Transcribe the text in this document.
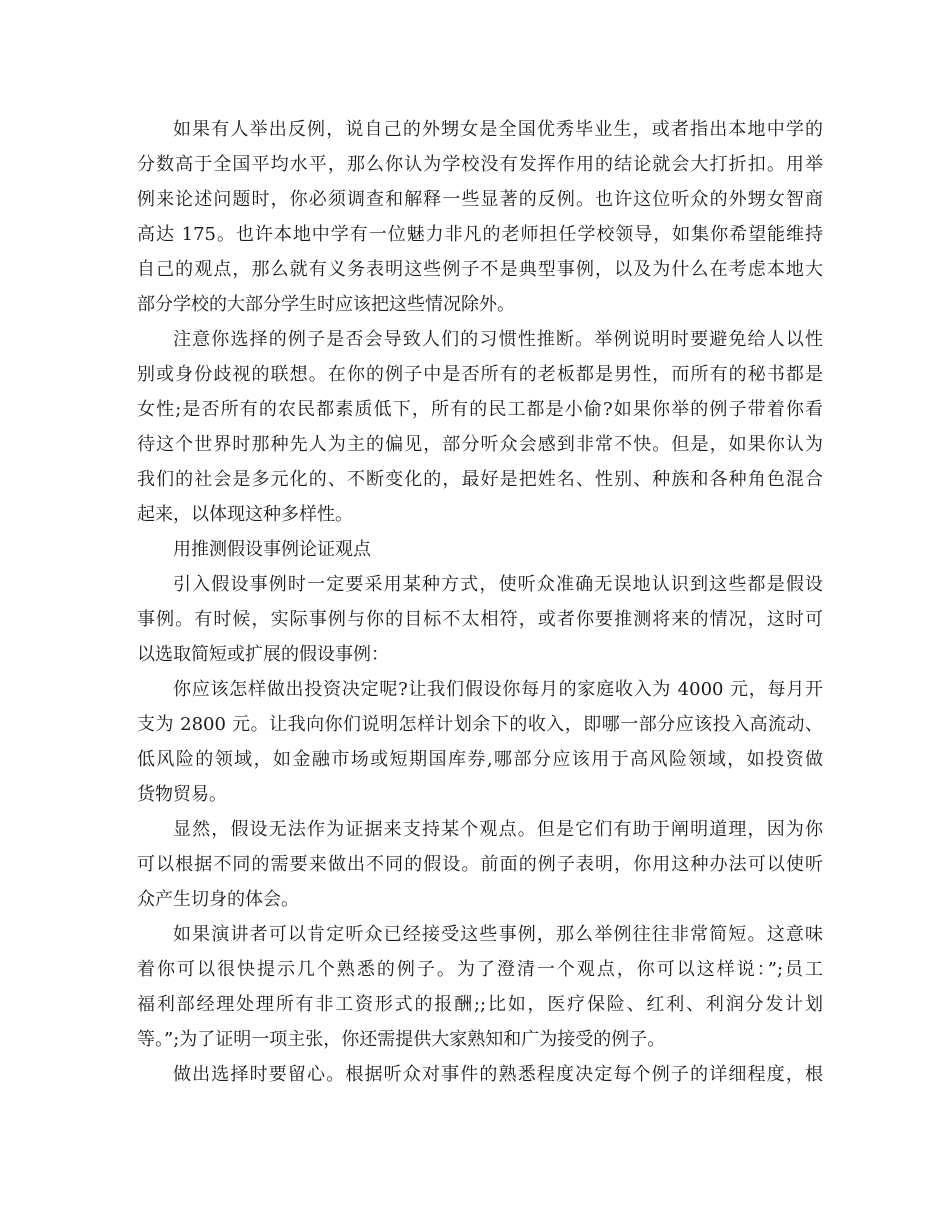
如果有人举出反例，说自己的外甥女是全国优秀毕业生，或者指出本地中学的
分数高于全国平均水平，那么你认为学校没有发挥作用的结论就会大打折扣。用举
例来论述问题时，你必须调查和解释一些显著的反例。也许这位听众的外甥女智商
高达 175。也许本地中学有一位魅力非凡的老师担任学校领导，如集你希望能维持
自己的观点，那么就有义务表明这些例子不是典型事例，以及为什么在考虑本地大
部分学校的大部分学生时应该把这些情况除外。

注意你选择的例子是否会导致人们的习惯性推断。举例说明时要避免给人以性
别或身份歧视的联想。在你的例子中是否所有的老板都是男性，而所有的秘书都是
女性;是否所有的农民都素质低下，所有的民工都是小偷?如果你举的例子带着你看
待这个世界时那种先人为主的偏见，部分听众会感到非常不快。但是，如果你认为
我们的社会是多元化的、不断变化的，最好是把姓名、性别、种族和各种角色混合
起来，以体现这种多样性。

用推测假设事例论证观点

引入假设事例时一定要采用某种方式，使听众准确无误地认识到这些都是假设
事例。有时候，实际事例与你的目标不太相符，或者你要推测将来的情况，这时可
以选取简短或扩展的假设事例：

你应该怎样做出投资决定呢?让我们假设你每月的家庭收入为 4000 元，每月开
支为 2800 元。让我向你们说明怎样计划余下的收入，即哪一部分应该投入高流动、
低风险的领域，如金融市场或短期国库券,哪部分应该用于高风险领域，如投资做
货物贸易。

显然，假设无法作为证据来支持某个观点。但是它们有助于阐明道理，因为你
可以根据不同的需要来做出不同的假设。前面的例子表明，你用这种办法可以使听
众产生切身的体会。

如果演讲者可以肯定听众已经接受这些事例，那么举例往往非常简短。这意味
着你可以很快提示几个熟悉的例子。为了澄清一个观点，你可以这样说：”;员工
福利部经理处理所有非工资形式的报酬;;比如，医疗保险、红利、利润分发计划
等。”;为了证明一项主张，你还需提供大家熟知和广为接受的例子。

做出选择时要留心。根据听众对事件的熟悉程度决定每个例子的详细程度，根
